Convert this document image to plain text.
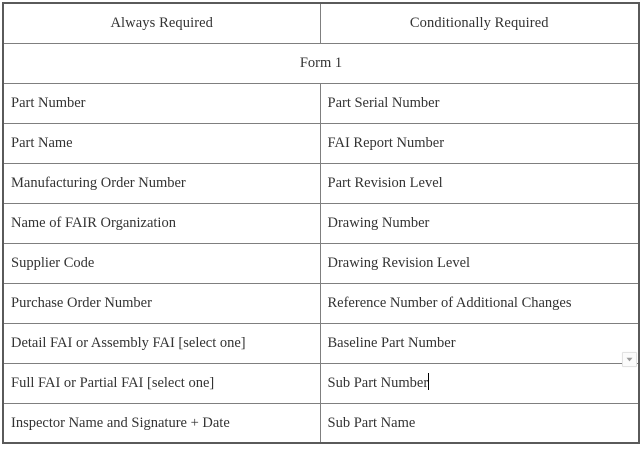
Always Required	Conditionally Required
Form 1	
Part Number	Part Serial Number
Part Name	FAI Report Number
Manufacturing Order Number	Part Revision Level
Name of FAIR Organization	Drawing Number
Supplier Code	Drawing Revision Level
Purchase Order Number	Reference Number of Additional Changes
Detail FAI or Assembly FAI [select one]	Baseline Part Number
Full FAI or Partial FAI [select one]	Sub Part Number

Inspector Name and Signature + Date	Sub Part Name
